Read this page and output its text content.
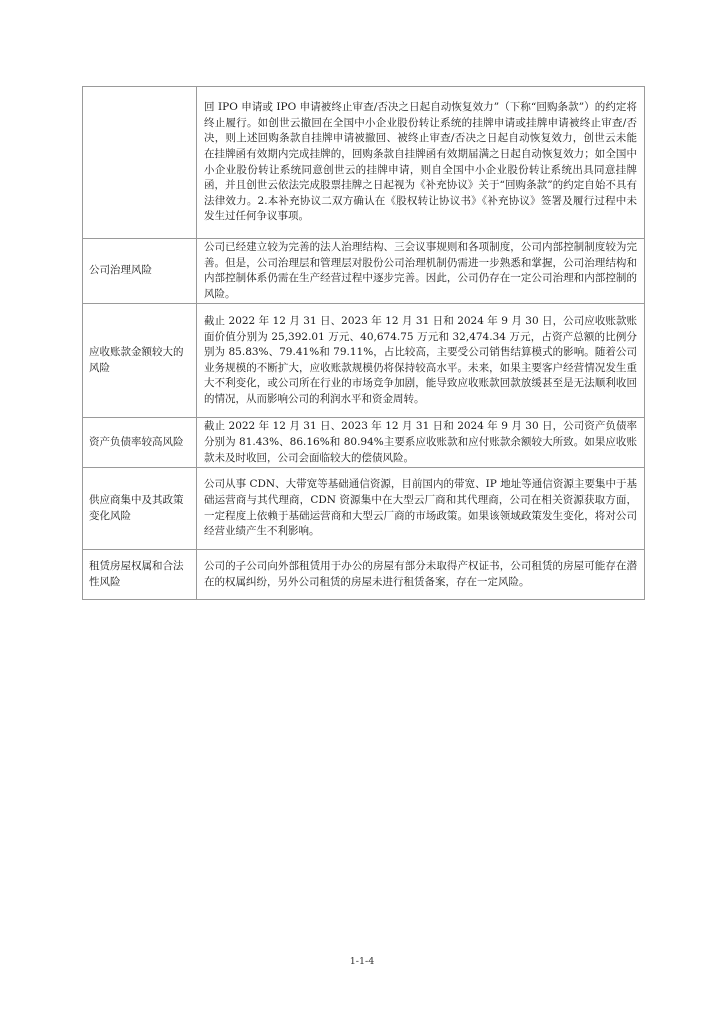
	回 IPO 申请或 IPO 申请被终止审查/否决之日起自动恢复效力”（下称“回购条款”）的约定将终止履行。如创世云撤回在全国中小企业股份转让系统的挂牌申请或挂牌申请被终止审查/否决，则上述回购条款自挂牌申请被撤回、被终止审查/否决之日起自动恢复效力，创世云未能在挂牌函有效期内完成挂牌的，回购条款自挂牌函有效期届满之日起自动恢复效力；如全国中小企业股份转让系统同意创世云的挂牌申请，则自全国中小企业股份转让系统出具同意挂牌函，并且创世云依法完成股票挂牌之日起视为《补充协议》关于“回购条款”的约定自始不具有法律效力。2.本补充协议二双方确认在《股权转让协议书》《补充协议》签署及履行过程中未发生过任何争议事项。
公司治理风险	公司已经建立较为完善的法人治理结构、三会议事规则和各项制度，公司内部控制制度较为完善。但是，公司治理层和管理层对股份公司治理机制仍需进一步熟悉和掌握，公司治理结构和内部控制体系仍需在生产经营过程中逐步完善。因此，公司仍存在一定公司治理和内部控制的风险。
应收账款金额较大的风险	截止 2022 年 12 月 31 日、2023 年 12 月 31 日和 2024 年 9 月 30 日，公司应收账款账面价值分别为 25,392.01 万元、40,674.75 万元和 32,474.34 万元，占资产总额的比例分别为 85.83%、79.41%和 79.11%，占比较高，主要受公司销售结算模式的影响。随着公司业务规模的不断扩大，应收账款规模仍将保持较高水平。未来，如果主要客户经营情况发生重大不利变化，或公司所在行业的市场竞争加剧，能导致应收账款回款放缓甚至是无法顺利收回的情况，从而影响公司的利润水平和资金周转。
资产负债率较高风险	截止 2022 年 12 月 31 日、2023 年 12 月 31 日和 2024 年 9 月 30 日，公司资产负债率分别为 81.43%、86.16%和 80.94%主要系应收账款和应付账款余额较大所致。如果应收账款未及时收回，公司会面临较大的偿债风险。
供应商集中及其政策变化风险	公司从事 CDN、大带宽等基础通信资源，目前国内的带宽、IP 地址等通信资源主要集中于基础运营商与其代理商，CDN 资源集中在大型云厂商和其代理商，公司在相关资源获取方面，一定程度上依赖于基础运营商和大型云厂商的市场政策。如果该领域政策发生变化，将对公司经营业绩产生不利影响。
租赁房屋权属和合法性风险	公司的子公司向外部租赁用于办公的房屋有部分未取得产权证书，公司租赁的房屋可能存在潜在的权属纠纷，另外公司租赁的房屋未进行租赁备案，存在一定风险。
1-1-4
